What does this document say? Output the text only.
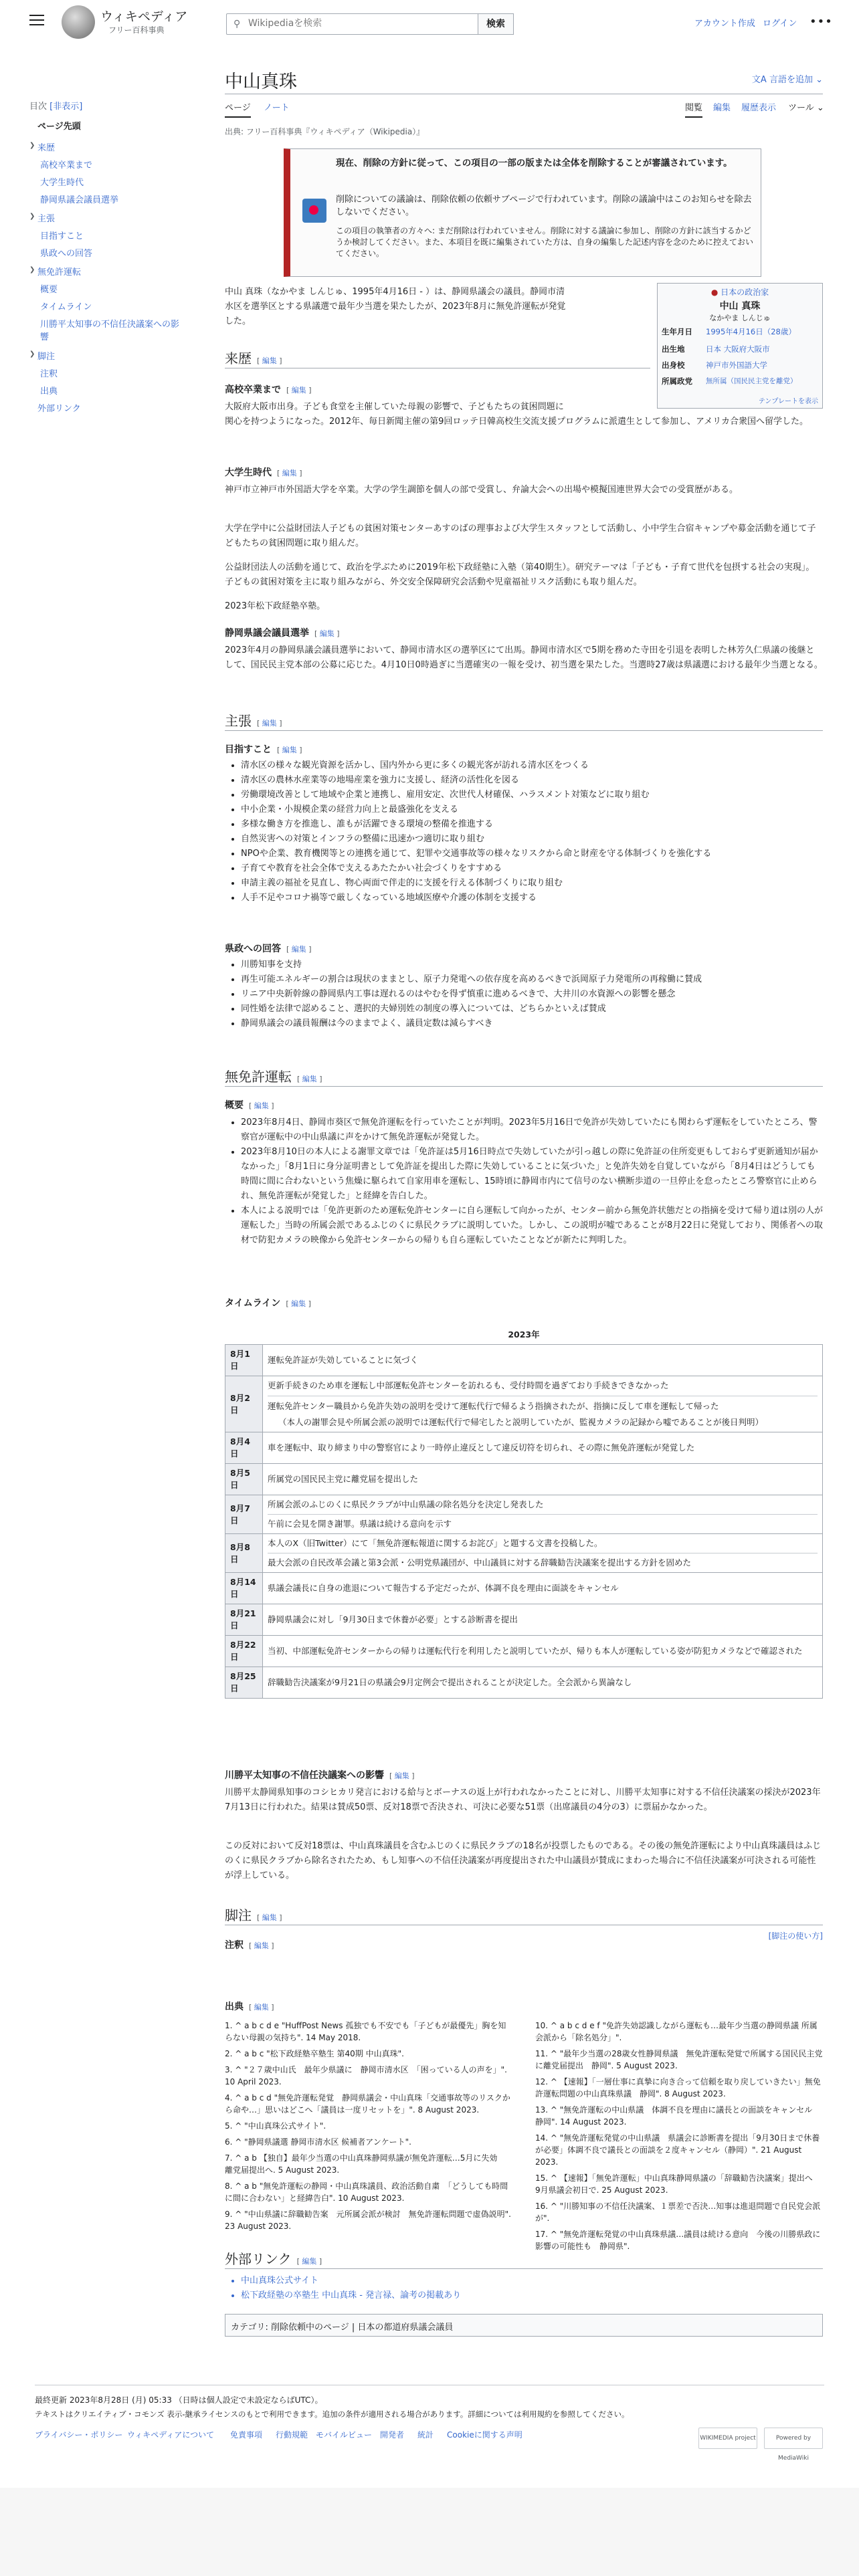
ウィキペディア
フリー百科事典
⚲
Wikipediaを検索	検索	アカウント作成 ログイン •••
目次 [非表示]
ページ先頭
❯ 来歴
高校卒業まで
大学生時代
静岡県議会議員選挙
❯ 主張
目指すこと
県政への回答
❯ 無免許運転
概要
タイムライン
川勝平太知事の不信任決議案への影響
❯ 脚注
注釈
出典
外部リンク
中山真珠	文A 言語を追加 ⌄
ページ ノート	閲覧 編集 履歴表示 ツール ⌄
出典: フリー百科事典『ウィキペディア（Wikipedia）』
現在、削除の方針に従って、この項目の一部の版または全体を削除することが審議されています。
削除についての議論は、削除依頼の依頼サブページで行われています。削除の議論中はこのお知らせを除去しないでください。
この項目の執筆者の方々へ: まだ削除は行われていません。削除に対する議論に参加し、削除の方針に該当するかどうか検討してください。また、本項目を既に編集されていた方は、自身の編集した記述内容を念のために控えておいてください。
● 日本の政治家
中山 真珠
なかやま しんじゅ
生年月日 1995年4月16日（28歳）
出生地	日本 大阪府大阪市
出身校	神戸市外国語大学
所属政党 無所属（国民民主党を離党）
テンプレートを表示
中山 真珠（なかやま しんじゅ、1995年4月16日 - ）は、静岡県議会の議員。静岡市清
水区を選挙区とする県議選で最年少当選を果たしたが、2023年8月に無免許運転が発覚
した。
来歴 [ 編集 ]
高校卒業まで [ 編集 ]
大阪府大阪市出身。子ども食堂を主催していた母親の影響で、子どもたちの貧困問題に
関心を持つようになった。2012年、毎日新聞主催の第9回ロッテ日韓高校生交流支援プログラムに派遣生として参加し、アメリカ合衆国へ留学した。
大学生時代 [ 編集 ]
神戸市立神戸市外国語大学を卒業。大学の学生調節を個人の部で受賞し、弁論大会への出場や模擬国連世界大会での受賞歴がある。
大学在学中に公益財団法人子どもの貧困対策センターあすのばの理事および大学生スタッフとして活動し、小中学生合宿キャンプや募金活動を通じて子どもたちの貧困問題に取り組んだ。
公益財団法人の活動を通じて、政治を学ぶために2019年松下政経塾に入塾（第40期生）。研究テーマは「子ども・子育て世代を包摂する社会の実現」。子どもの貧困対策を主に取り組みながら、外交安全保障研究会活動や児童福祉リスク活動にも取り組んだ。
2023年松下政経塾卒塾。
静岡県議会議員選挙 [ 編集 ]
2023年4月の静岡県議会議員選挙において、静岡市清水区の選挙区にて出馬。静岡市清水区で5期を務めた寺田を引退を表明した林芳久仁県議の後継として、国民民主党本部の公募に応じた。4月10日0時過ぎに当選確実の一報を受け、初当選を果たした。当選時27歳は県議選における最年少当選となる。
主張 [ 編集 ]
目指すこと [ 編集 ]
• 清水区の様々な観光資源を活かし、国内外から更に多くの観光客が訪れる清水区をつくる
• 清水区の農林水産業等の地場産業を強力に支援し、経済の活性化を図る
• 労働環境改善として地域や企業と連携し、雇用安定、次世代人材確保、ハラスメント対策などに取り組む
• 中小企業・小規模企業の経営力向上と最盛強化を支える
• 多様な働き方を推進し、誰もが活躍できる環境の整備を推進する
• 自然災害への対策とインフラの整備に迅速かつ適切に取り組む
• NPOや企業、教育機関等との連携を通じて、犯罪や交通事故等の様々なリスクから命と財産を守る体制づくりを強化する
• 子育てや教育を社会全体で支えるあたたかい社会づくりをすすめる
• 申請主義の福祉を見直し、物心両面で伴走的に支援を行える体制づくりに取り組む
• 人手不足やコロナ禍等で厳しくなっている地域医療や介護の体制を支援する
県政への回答 [ 編集 ]
• 川勝知事を支持
• 再生可能エネルギーの割合は現状のままとし、原子力発電への依存度を高めるべきで浜岡原子力発電所の再稼働に賛成
• リニア中央新幹線の静岡県内工事は遅れるのはやむを得ず慎重に進めるべきで、大井川の水資源への影響を懸念
• 同性婚を法律で認めること、選択的夫婦別姓の制度の導入については、どちらかといえば賛成
• 静岡県議会の議員報酬は今のままでよく、議員定数は減らすべき
無免許運転 [ 編集 ]
概要 [ 編集 ]
• 2023年8月4日、静岡市葵区で無免許運転を行っていたことが判明。2023年5月16日で免許が失効していたにも関わらず運転をしていたところ、警察官が運転中の中山県議に声をかけて無免許運転が発覚した。
• 2023年8月10日の本人による謝罪文章では「免許証は5月16日時点で失効していたが引っ越しの際に免許証の住所変更もしておらず更新通知が届かなかった」「8月1日に身分証明書として免許証を提出した際に失効していることに気づいた」と免許失効を自覚していながら「8月4日はどうしても時間に間に合わないという焦燥に駆られて自家用車を運転し、15時頃に静岡市内にて信号のない横断歩道の一旦停止を怠ったところ警察官に止められ、無免許運転が発覚した」と経緯を告白した。
• 本人による説明では「免許更新のため運転免許センターに自ら運転して向かったが、センター前から無免許状態だとの指摘を受けて帰り道は別の人が運転した」当時の所属会派であるふじのくに県民クラブに説明していた。しかし、この説明が嘘であることが8月22日に発覚しており、関係者への取材で防犯カメラの映像から免許センターからの帰りも自ら運転していたことなどが新たに判明した。
タイムライン [ 編集 ]
2023年	
8月1日	運転免許証が失効していることに気づく

8月2日	更新手続きのため車を運転し中部運転免許センターを訪れるも、受付時間を過ぎており手続きできなかった
運転免許センター職員から免許失効の説明を受けて運転代行で帰るよう指摘されたが、指摘に反して車を運転して帰った
（本人の謝罪会見や所属会派の説明では運転代行で帰宅したと説明していたが、監視カメラの記録から嘘であることが後日判明）

8月4日	車を運転中、取り締まり中の警察官により一時停止違反として違反切符を切られ、その際に無免許運転が発覚した

8月5日	所属党の国民民主党に離党届を提出した

8月7日	所属会派のふじのくに県民クラブが中山県議の除名処分を決定し発表した
午前に会見を開き謝罪。県議は続ける意向を示す

8月8日	本人のX（旧Twitter）にて「無免許運転報道に関するお詫び」と題する文書を投稿した。
最大会派の自民改革会議と第3会派・公明党県議団が、中山議員に対する辞職勧告決議案を提出する方針を固めた

8月14日	県議会議長に自身の進退について報告する予定だったが、体調不良を理由に面談をキャンセル

8月21日	静岡県議会に対し「9月30日まで休養が必要」とする診断書を提出

8月22日	当初、中部運転免許センターからの帰りは運転代行を利用したと説明していたが、帰りも本人が運転している姿が防犯カメラなどで確認された

8月25日	辞職勧告決議案が9月21日の県議会9月定例会で提出されることが決定した。全会派から異論なし
川勝平太知事の不信任決議案への影響 [ 編集 ]
川勝平太静岡県知事のコシヒカリ発言における給与とボーナスの返上が行われなかったことに対し、川勝平太知事に対する不信任決議案の採決が2023年7月13日に行われた。結果は賛成50票、反対18票で否決され、可決に必要な51票（出席議員の4分の3）に票届かなかった。
この反対において反対18票は、中山真珠議員を含むふじのくに県民クラブの18名が投票したものである。その後の無免許運転により中山真珠議員はふじのくに県民クラブから除名されたため、もし知事への不信任決議案が再度提出された中山議員が賛成にまわった場合に不信任決議案が可決される可能性が浮上している。
脚注 [ 編集 ]
[脚注の使い方]
注釈 [ 編集 ]
出典 [ 編集 ]
1. ^ a b c d e "HuffPost News 孤独でも不安でも「子どもが最優先」胸を知らない母親の気持ち". 14 May 2018.
2. ^ a b c "松下政経塾卒塾生 第40期 中山真珠".
3. ^ "２７歳中山氏　最年少県議に　静岡市清水区　「困っている人の声を」". 10 April 2023.
4. ^ a b c d "無免許運転発覚　静岡県議会・中山真珠「交通事故等のリスクから命や…」思いはどこへ「議員は一度リセットを」". 8 August 2023.
5. ^ "中山真珠公式サイト".
6. ^ "静岡県議選 静岡市清水区 候補者アンケート".
7. ^ a b 【独自】最年少当選の中山真珠静岡県議が無免許運転…5月に失効　離党届提出へ. 5 August 2023.
8. ^ a b "無免許運転の静岡・中山真珠議員、政治活動自粛　「どうしても時間に間に合わない」と経緯告白". 10 August 2023.
9. ^ "中山県議に辞職勧告案　元所属会派が検討　無免許運転問題で虚偽説明". 23 August 2023.
10. ^ a b c d e f "免許失効認識しながら運転も…最年少当選の静岡県議 所属会派から「除名処分」".
11. ^ "最年少当選の28歳女性静岡県議　無免許運転発覚で所属する国民民主党に離党届提出　静岡". 5 August 2023.
12. ^ 【速報】「一層仕事に真摯に向き合って信頼を取り戻していきたい」無免許運転問題の中山真珠県議　静岡". 8 August 2023.
13. ^ "無免許運転の中山県議　体調不良を理由に議長との面談をキャンセル　静岡". 14 August 2023.
14. ^ "無免許運転発覚の中山県議　県議会に診断書を提出「9月30日まで休養が必要」体調不良で議長との面談を２度キャンセル（静岡）". 21 August 2023.
15. ^ 【速報】「無免許運転」中山真珠静岡県議の「辞職勧告決議案」提出へ　9月県議会初日で. 25 August 2023.
16. ^ "川勝知事の不信任決議案、１票差で否決…知事は進退問題で自民党会派が".
17. ^ "無免許運転発覚の中山真珠県議…議員は続ける意向　今後の川勝県政に影響の可能性も　静岡県".
外部リンク [ 編集 ]
• 中山真珠公式サイト
• 松下政経塾の卒塾生 中山真珠 - 発言禄、論考の掲載あり
カテゴリ: 削除依頼中のページ | 日本の都道府県議会議員
最終更新 2023年8月28日 (月) 05:33 （日時は個人設定で未設定ならばUTC）。
テキストはクリエイティブ・コモンズ 表示-継承ライセンスのもとで利用できます。追加の条件が適用される場合があります。詳細については利用規約を参照してください。
プライバシー・ポリシー ウィキペディアについて 免責事項 行動規範 モバイルビュー 開発者 統計 Cookieに関する声明	WIKIMEDIA project	Powered by MediaWiki
